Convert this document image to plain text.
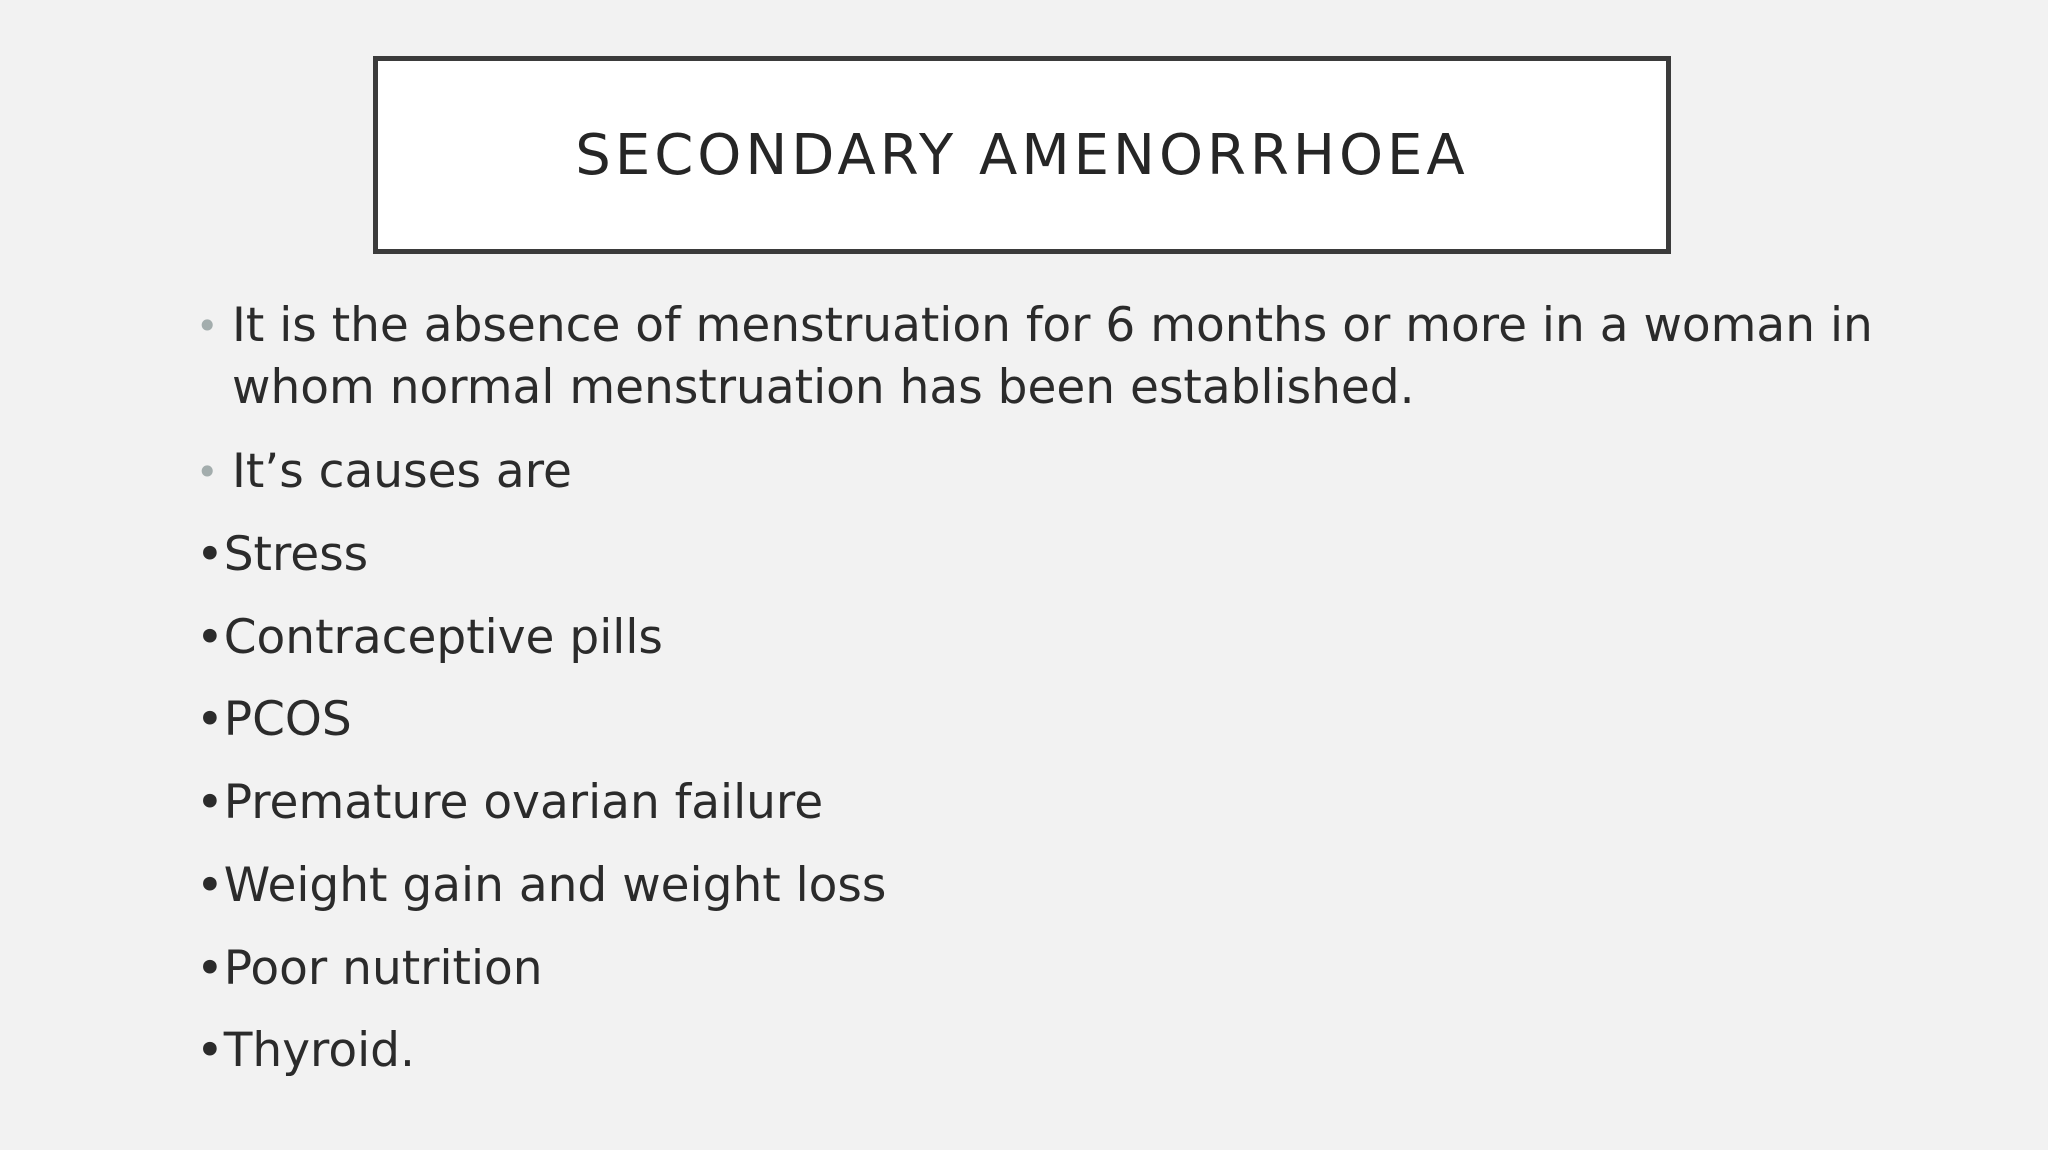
SECONDARY AMENORRHOEA
• It is the absence of menstruation for 6 months or more in a woman in
whom normal menstruation has been established.
• It’s causes are
•Stress
•Contraceptive pills
•PCOS
•Premature ovarian failure
•Weight gain and weight loss
•Poor nutrition
•Thyroid.
